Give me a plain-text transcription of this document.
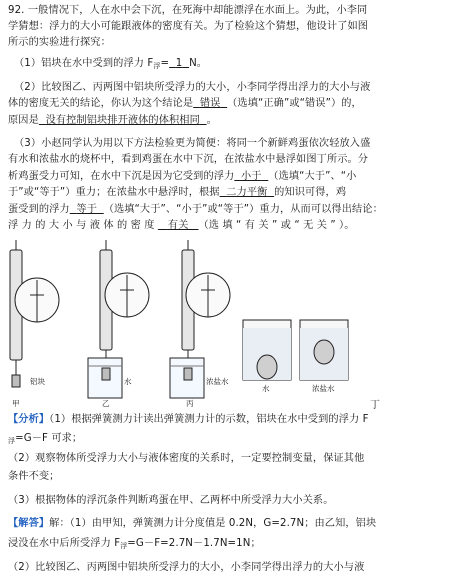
92. 一般情况下，人在水中会下沉，在死海中却能漂浮在水面上。为此，小李同
学猜想：浮力的大小可能跟液体的密度有关。为了检验这个猜想，他设计了如图
所示的实验进行探究：
（1）铝块在水中受到的浮力 F浮= 1 N。
（2）比较图乙、丙两图中铝块所受浮力的大小，小李同学得出浮力的大小与液
体的密度无关的结论，你认为这个结论是 错误 （选填“正确”或“错误”）的，
原因是 没有控制铝块排开液体的体积相同 。
（3）小赵同学认为用以下方法检验更为简便：将同一个新鲜鸡蛋依次轻放入盛
有水和浓盐水的烧杯中，看到鸡蛋在水中下沉，在浓盐水中悬浮如图丁所示。分
析鸡蛋受力可知，在水中下沉是因为它受到的浮力 小于 （选填“大于”、“小
于”或“等于”）重力；在浓盐水中悬浮时，根据 二力平衡 的知识可得，鸡
蛋受到的浮力 等于 （选填“大于”、“小于”或“等于”）重力，从而可以得出结论：
浮 力 的 大 小 与 液 体 的 密 度 有关 （选 填 “ 有 关 ” 或 “ 无 关 ” ）。
铝块	水	浓盐水
水	浓盐水
甲	乙	丙	丁
【分析】（1）根据弹簧测力计读出弹簧测力计的示数，铝块在水中受到的浮力 F
浮=G－F 可求；
（2）观察物体所受浮力大小与液体密度的关系时，一定要控制变量，保证其他
条件不变；
（3）根据物体的浮沉条件判断鸡蛋在甲、乙两杯中所受浮力大小关系。
【解答】解：（1）由甲知，弹簧测力计分度值是 0.2N，G=2.7N；由乙知，铝块
浸没在水中后所受浮力 F浮=G－F=2.7N－1.7N=1N；
（2）比较图乙、丙两图中铝块所受浮力的大小，小李同学得出浮力的大小与液
